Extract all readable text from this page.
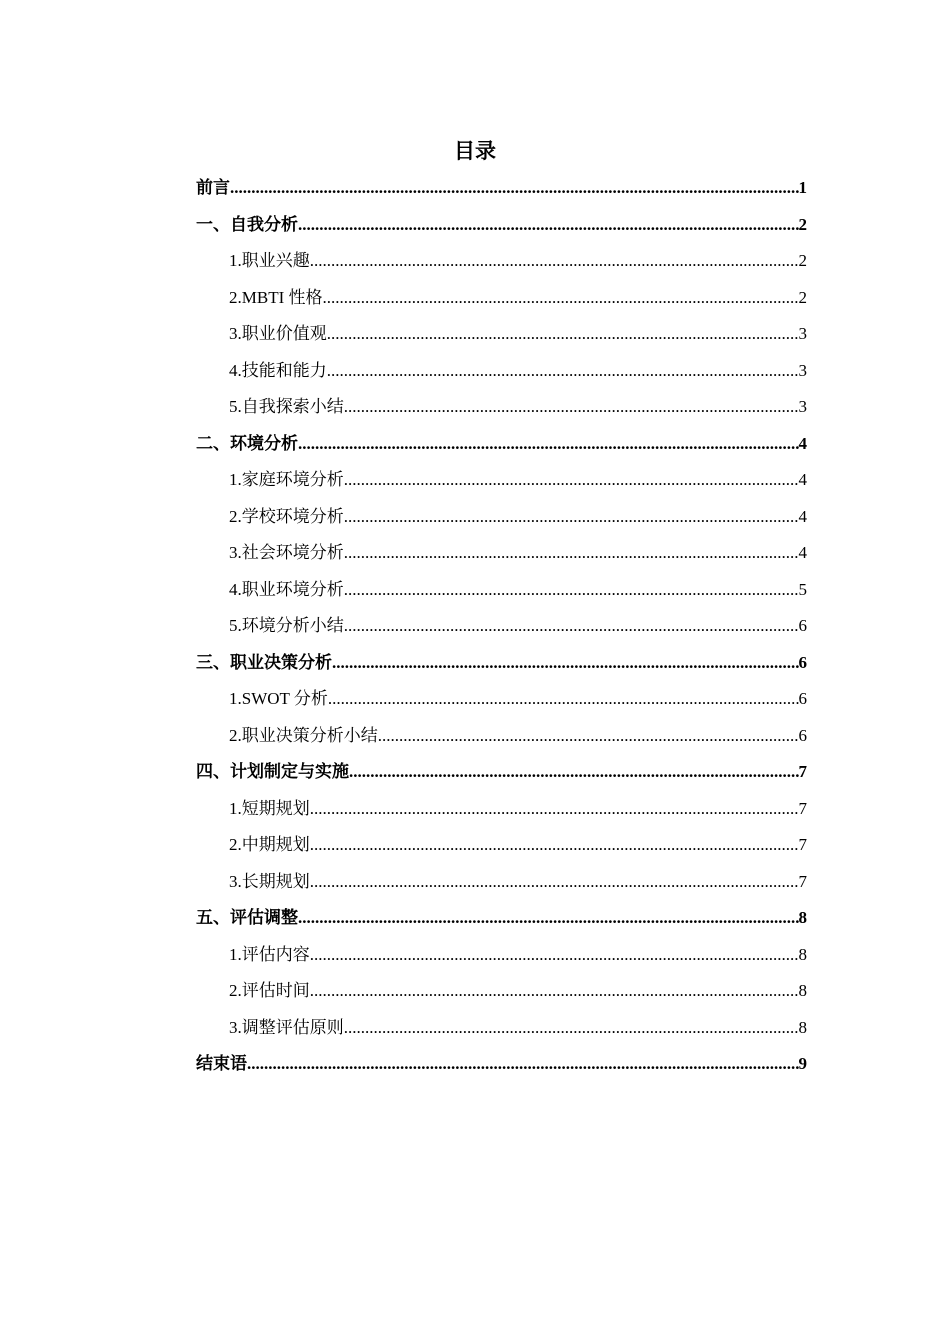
目录
前言 .....	1
一、自我分析 .....	2
1.职业兴趣 .....	2
2.MBTI 性格 .....	2
3.职业价值观 .....	3
4.技能和能力 .....	3
5.自我探索小结 .....	3
二、环境分析 .....	4
1.家庭环境分析 .....	4
2.学校环境分析 .....	4
3.社会环境分析 .....	4
4.职业环境分析 .....	5
5.环境分析小结 .....	6
三、职业决策分析 .....	6
1.SWOT 分析 .....	6
2.职业决策分析小结 .....	6
四、计划制定与实施 .....	7
1.短期规划 .....	7
2.中期规划 .....	7
3.长期规划 .....	7
五、评估调整 .....	8
1.评估内容 .....	8
2.评估时间 .....	8
3.调整评估原则 .....	8
结束语 .....	9
